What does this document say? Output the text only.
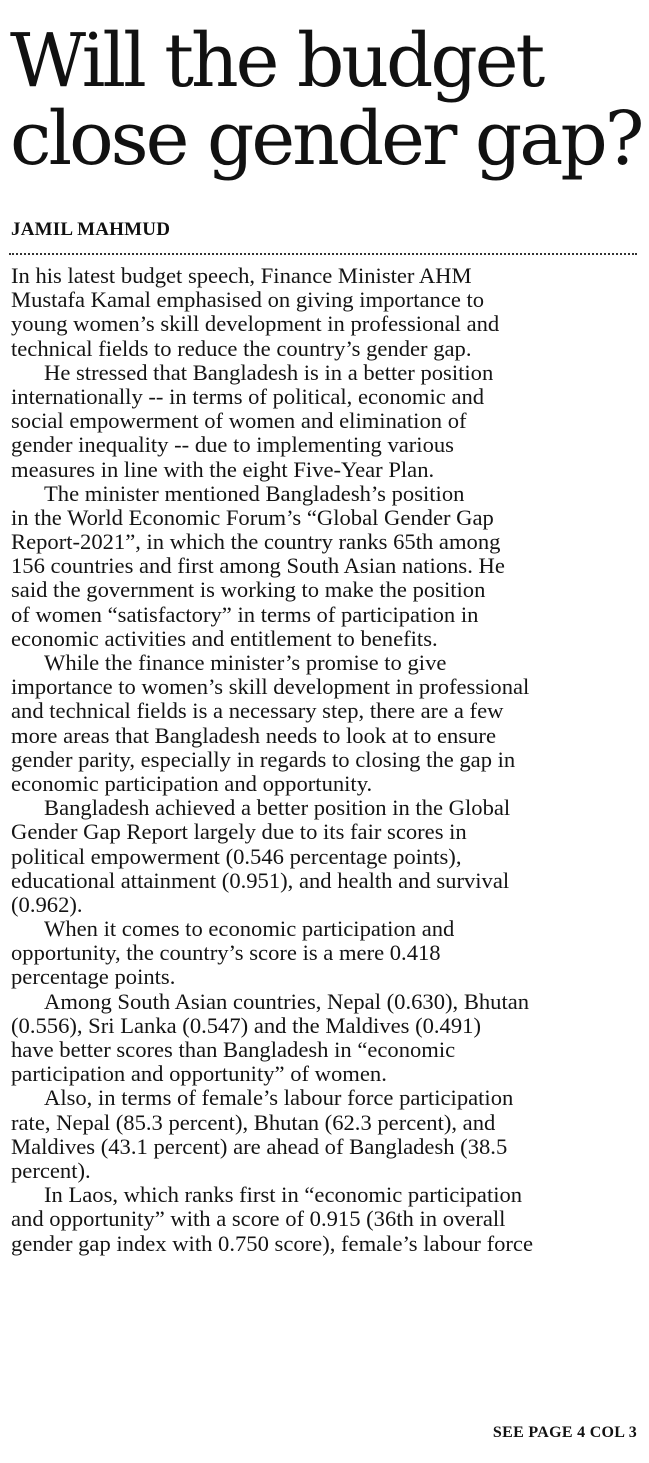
Will the budget
close gender gap?

JAMIL MAHMUD

In his latest budget speech, Finance Minister AHM
Mustafa Kamal emphasised on giving importance to
young women’s skill development in professional and
technical fields to reduce the country’s gender gap.
He stressed that Bangladesh is in a better position
internationally -- in terms of political, economic and
social empowerment of women and elimination of
gender inequality -- due to implementing various
measures in line with the eight Five-Year Plan.
The minister mentioned Bangladesh’s position
in the World Economic Forum’s “Global Gender Gap
Report-2021”, in which the country ranks 65th among
156 countries and first among South Asian nations. He
said the government is working to make the position
of women “satisfactory” in terms of participation in
economic activities and entitlement to benefits.
While the finance minister’s promise to give
importance to women’s skill development in professional
and technical fields is a necessary step, there are a few
more areas that Bangladesh needs to look at to ensure
gender parity, especially in regards to closing the gap in
economic participation and opportunity.
Bangladesh achieved a better position in the Global
Gender Gap Report largely due to its fair scores in
political empowerment (0.546 percentage points),
educational attainment (0.951), and health and survival
(0.962).
When it comes to economic participation and
opportunity, the country’s score is a mere 0.418
percentage points.
Among South Asian countries, Nepal (0.630), Bhutan
(0.556), Sri Lanka (0.547) and the Maldives (0.491)
have better scores than Bangladesh in “economic
participation and opportunity” of women.
Also, in terms of female’s labour force participation
rate, Nepal (85.3 percent), Bhutan (62.3 percent), and
Maldives (43.1 percent) are ahead of Bangladesh (38.5
percent).
In Laos, which ranks first in “economic participation
and opportunity” with a score of 0.915 (36th in overall
gender gap index with 0.750 score), female’s labour force

SEE PAGE 4 COL 3
